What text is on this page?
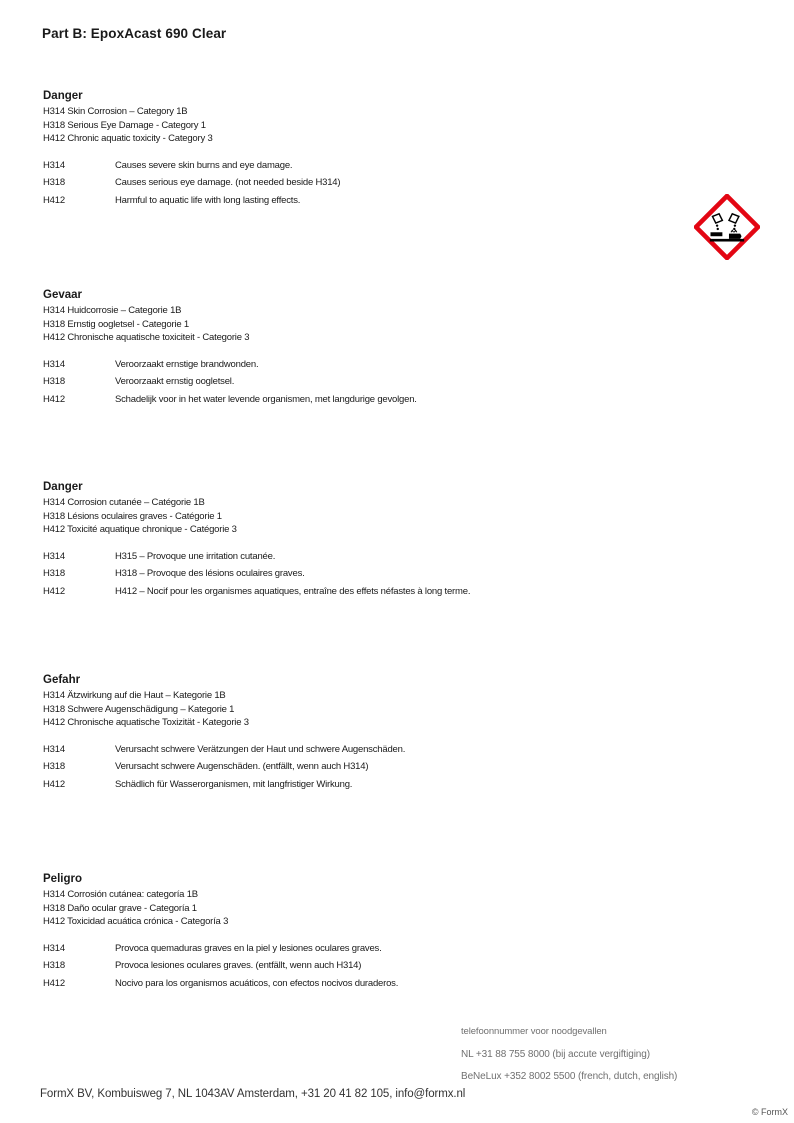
Part B: EpoxAcast 690 Clear
Danger
H314 Skin Corrosion – Category 1B
H318 Serious Eye Damage - Category 1
H412 Chronic aquatic toxicity - Category 3
H314	Causes severe skin burns and eye damage.
H318	Causes serious eye damage. (not needed beside H314)
H412	Harmful to aquatic life with long lasting effects.
Gevaar
H314 Huidcorrosie – Categorie 1B
H318 Ernstig oogletsel - Categorie 1
H412 Chronische aquatische toxiciteit - Categorie 3
H314	Veroorzaakt ernstige brandwonden.
H318	Veroorzaakt ernstig oogletsel.
H412	Schadelijk voor in het water levende organismen, met langdurige gevolgen.
Danger
H314 Corrosion cutanée – Catégorie 1B
H318 Lésions oculaires graves - Catégorie 1
H412 Toxicité aquatique chronique - Catégorie 3
H314	H315 – Provoque une irritation cutanée.
H318	H318 – Provoque des lésions oculaires graves.
H412	H412 – Nocif pour les organismes aquatiques, entraîne des effets néfastes à long terme.
Gefahr
H314 Ätzwirkung auf die Haut – Kategorie 1B
H318 Schwere Augenschädigung – Kategorie 1
H412 Chronische aquatische Toxizität - Kategorie 3
H314	Verursacht schwere Verätzungen der Haut und schwere Augenschäden.
H318	Verursacht schwere Augenschäden. (entfällt, wenn auch H314)
H412	Schädlich für Wasserorganismen, mit langfristiger Wirkung.
Peligro
H314 Corrosión cutánea: categoría 1B
H318 Daño ocular grave - Categoría 1
H412 Toxicidad acuática crónica - Categoría 3
H314	Provoca quemaduras graves en la piel y lesiones oculares graves.
H318	Provoca lesiones oculares graves. (entfällt, wenn auch H314)
H412	Nocivo para los organismos acuáticos, con efectos nocivos duraderos.
telefoonnummer voor noodgevallen
NL +31 88 755 8000 (bij accute vergiftiging)
BeNeLux +352 8002 5500 (french, dutch, english)
FormX BV, Kombuisweg 7, NL 1043AV Amsterdam, +31 20 41 82 105, info@formx.nl
© FormX
